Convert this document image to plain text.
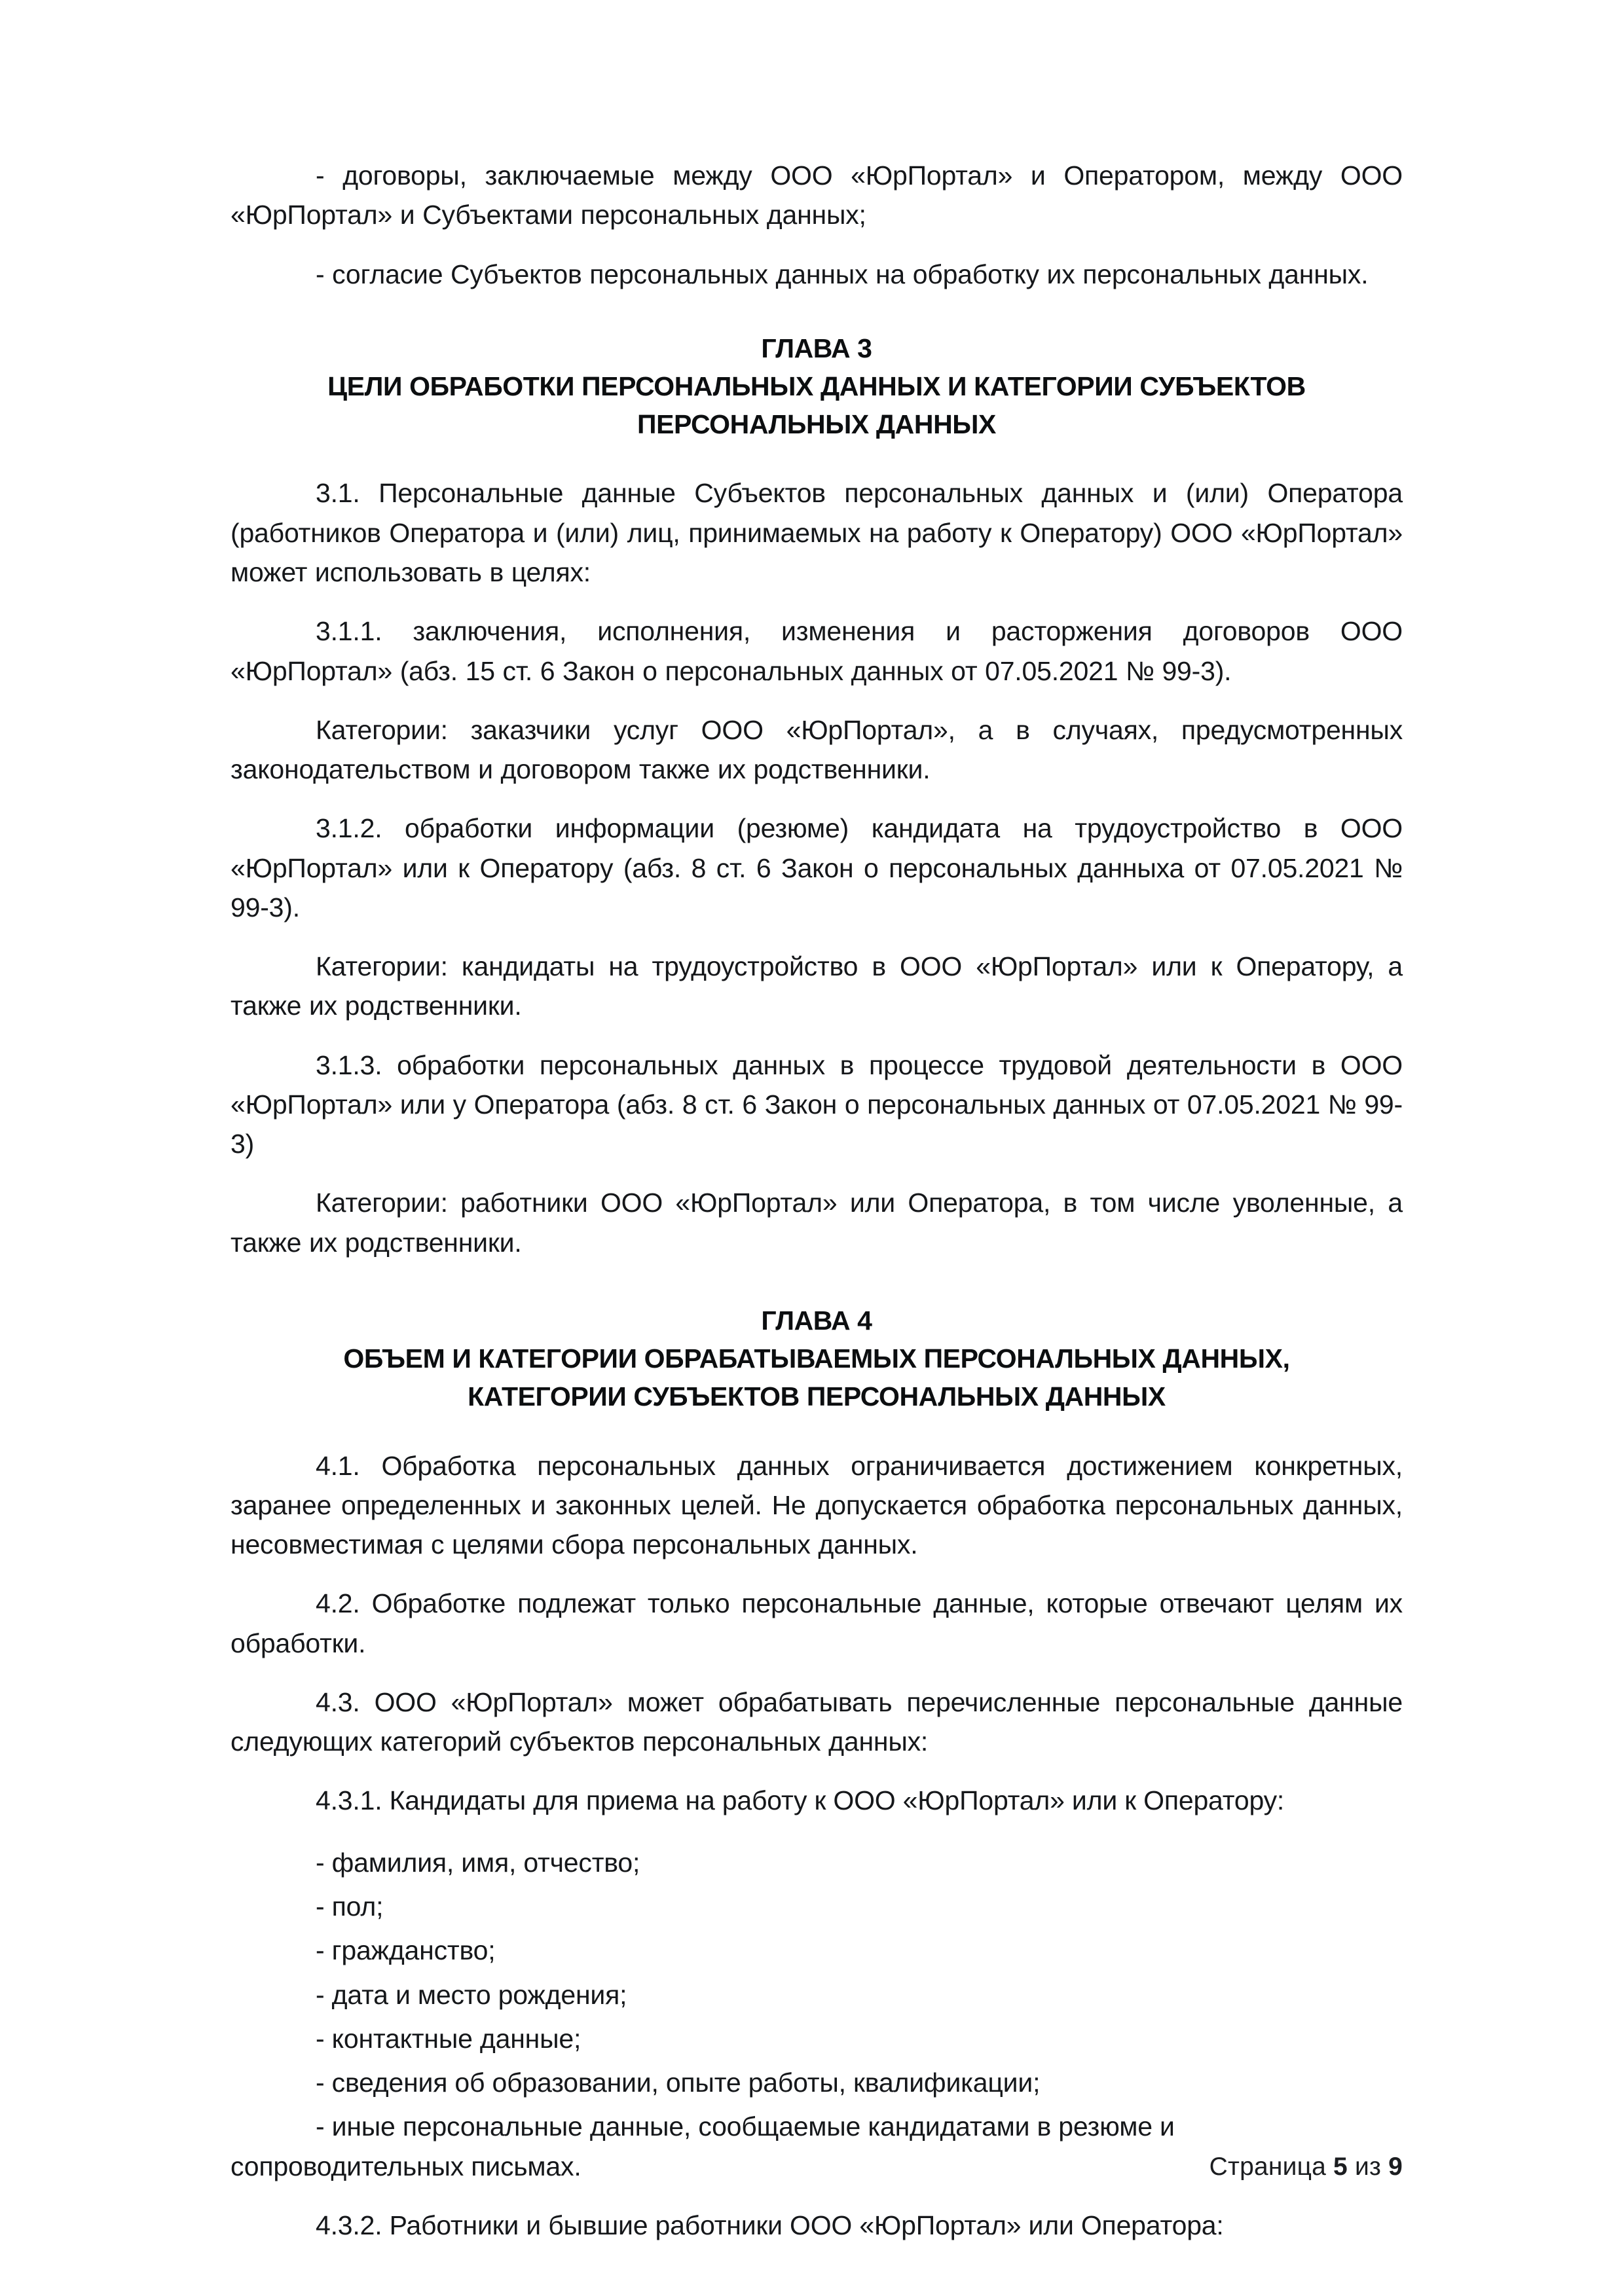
- договоры, заключаемые между ООО «ЮрПортал» и Оператором, между ООО «ЮрПортал» и Субъектами персональных данных;

- согласие Субъектов персональных данных на обработку их персональных данных.

ГЛАВА 3

ЦЕЛИ ОБРАБОТКИ ПЕРСОНАЛЬНЫХ ДАННЫХ И КАТЕГОРИИ СУБЪЕКТОВ

ПЕРСОНАЛЬНЫХ ДАННЫХ

3.1. Персональные данные Субъектов персональных данных и (или) Оператора (работников Оператора и (или) лиц, принимаемых на работу к Оператору) ООО «ЮрПортал» может использовать в целях:

3.1.1. заключения, исполнения, изменения и расторжения договоров ООО «ЮрПортал» (абз. 15 ст. 6 Закон о персональных данных от 07.05.2021 № 99-3).

Категории: заказчики услуг ООО «ЮрПортал», а в случаях, предусмотренных законодательством и договором также их родственники.

3.1.2. обработки информации (резюме) кандидата на трудоустройство в ООО «ЮрПортал» или к Оператору (абз. 8 ст. 6 Закон о персональных данныха от 07.05.2021 № 99-3).

Категории: кандидаты на трудоустройство в ООО «ЮрПортал» или к Оператору, а также их родственники.

3.1.3. обработки персональных данных в процессе трудовой деятельности в ООО «ЮрПортал» или у Оператора (абз. 8 ст. 6 Закон о персональных данных от 07.05.2021 № 99-3)

Категории: работники ООО «ЮрПортал» или Оператора, в том числе уволенные, а также их родственники.

ГЛАВА 4

ОБЪЕМ И КАТЕГОРИИ ОБРАБАТЫВАЕМЫХ ПЕРСОНАЛЬНЫХ ДАННЫХ,

КАТЕГОРИИ СУБЪЕКТОВ ПЕРСОНАЛЬНЫХ ДАННЫХ

4.1. Обработка персональных данных ограничивается достижением конкретных, заранее определенных и законных целей. Не допускается обработка персональных данных, несовместимая с целями сбора персональных данных.

4.2. Обработке подлежат только персональные данные, которые отвечают целям их обработки.

4.3. ООО «ЮрПортал» может обрабатывать перечисленные персональные данные следующих категорий субъектов персональных данных:

4.3.1. Кандидаты для приема на работу к ООО «ЮрПортал» или к Оператору:

- фамилия, имя, отчество;

- пол;

- гражданство;

- дата и место рождения;

- контактные данные;

- сведения об образовании, опыте работы, квалификации;

- иные персональные данные, сообщаемые кандидатами в резюме и

сопроводительных письмах.

4.3.2. Работники и бывшие работники ООО «ЮрПортал» или Оператора:

Страница 5 из 9
